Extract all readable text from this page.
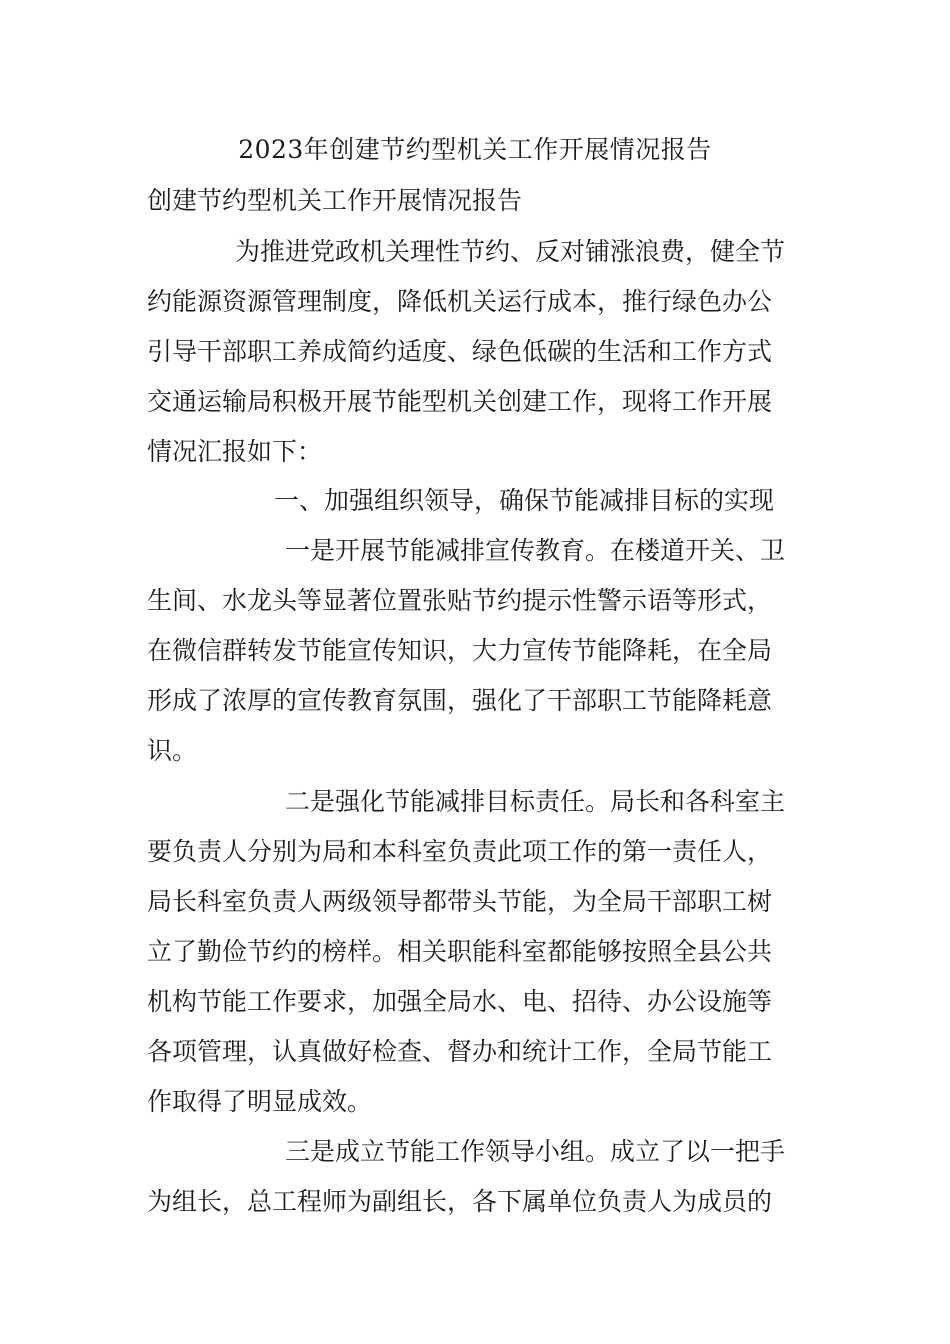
2023年创建节约型机关工作开展情况报告
创建节约型机关工作开展情况报告
为推进党政机关理性节约、反对铺涨浪费，健全节
约能源资源管理制度，降低机关运行成本，推行绿色办公
引导干部职工养成简约适度、绿色低碳的生活和工作方式
交通运输局积极开展节能型机关创建工作，现将工作开展
情况汇报如下：
一、加强组织领导，确保节能减排目标的实现
一是开展节能减排宣传教育。在楼道开关、卫
生间、水龙头等显著位置张贴节约提示性警示语等形式，
在微信群转发节能宣传知识，大力宣传节能降耗，在全局
形成了浓厚的宣传教育氛围，强化了干部职工节能降耗意
识。
二是强化节能减排目标责任。局长和各科室主
要负责人分别为局和本科室负责此项工作的第一责任人，
局长科室负责人两级领导都带头节能，为全局干部职工树
立了勤俭节约的榜样。相关职能科室都能够按照全县公共
机构节能工作要求，加强全局水、电、招待、办公设施等
各项管理，认真做好检查、督办和统计工作，全局节能工
作取得了明显成效。
三是成立节能工作领导小组。成立了以一把手
为组长，总工程师为副组长，各下属单位负责人为成员的
